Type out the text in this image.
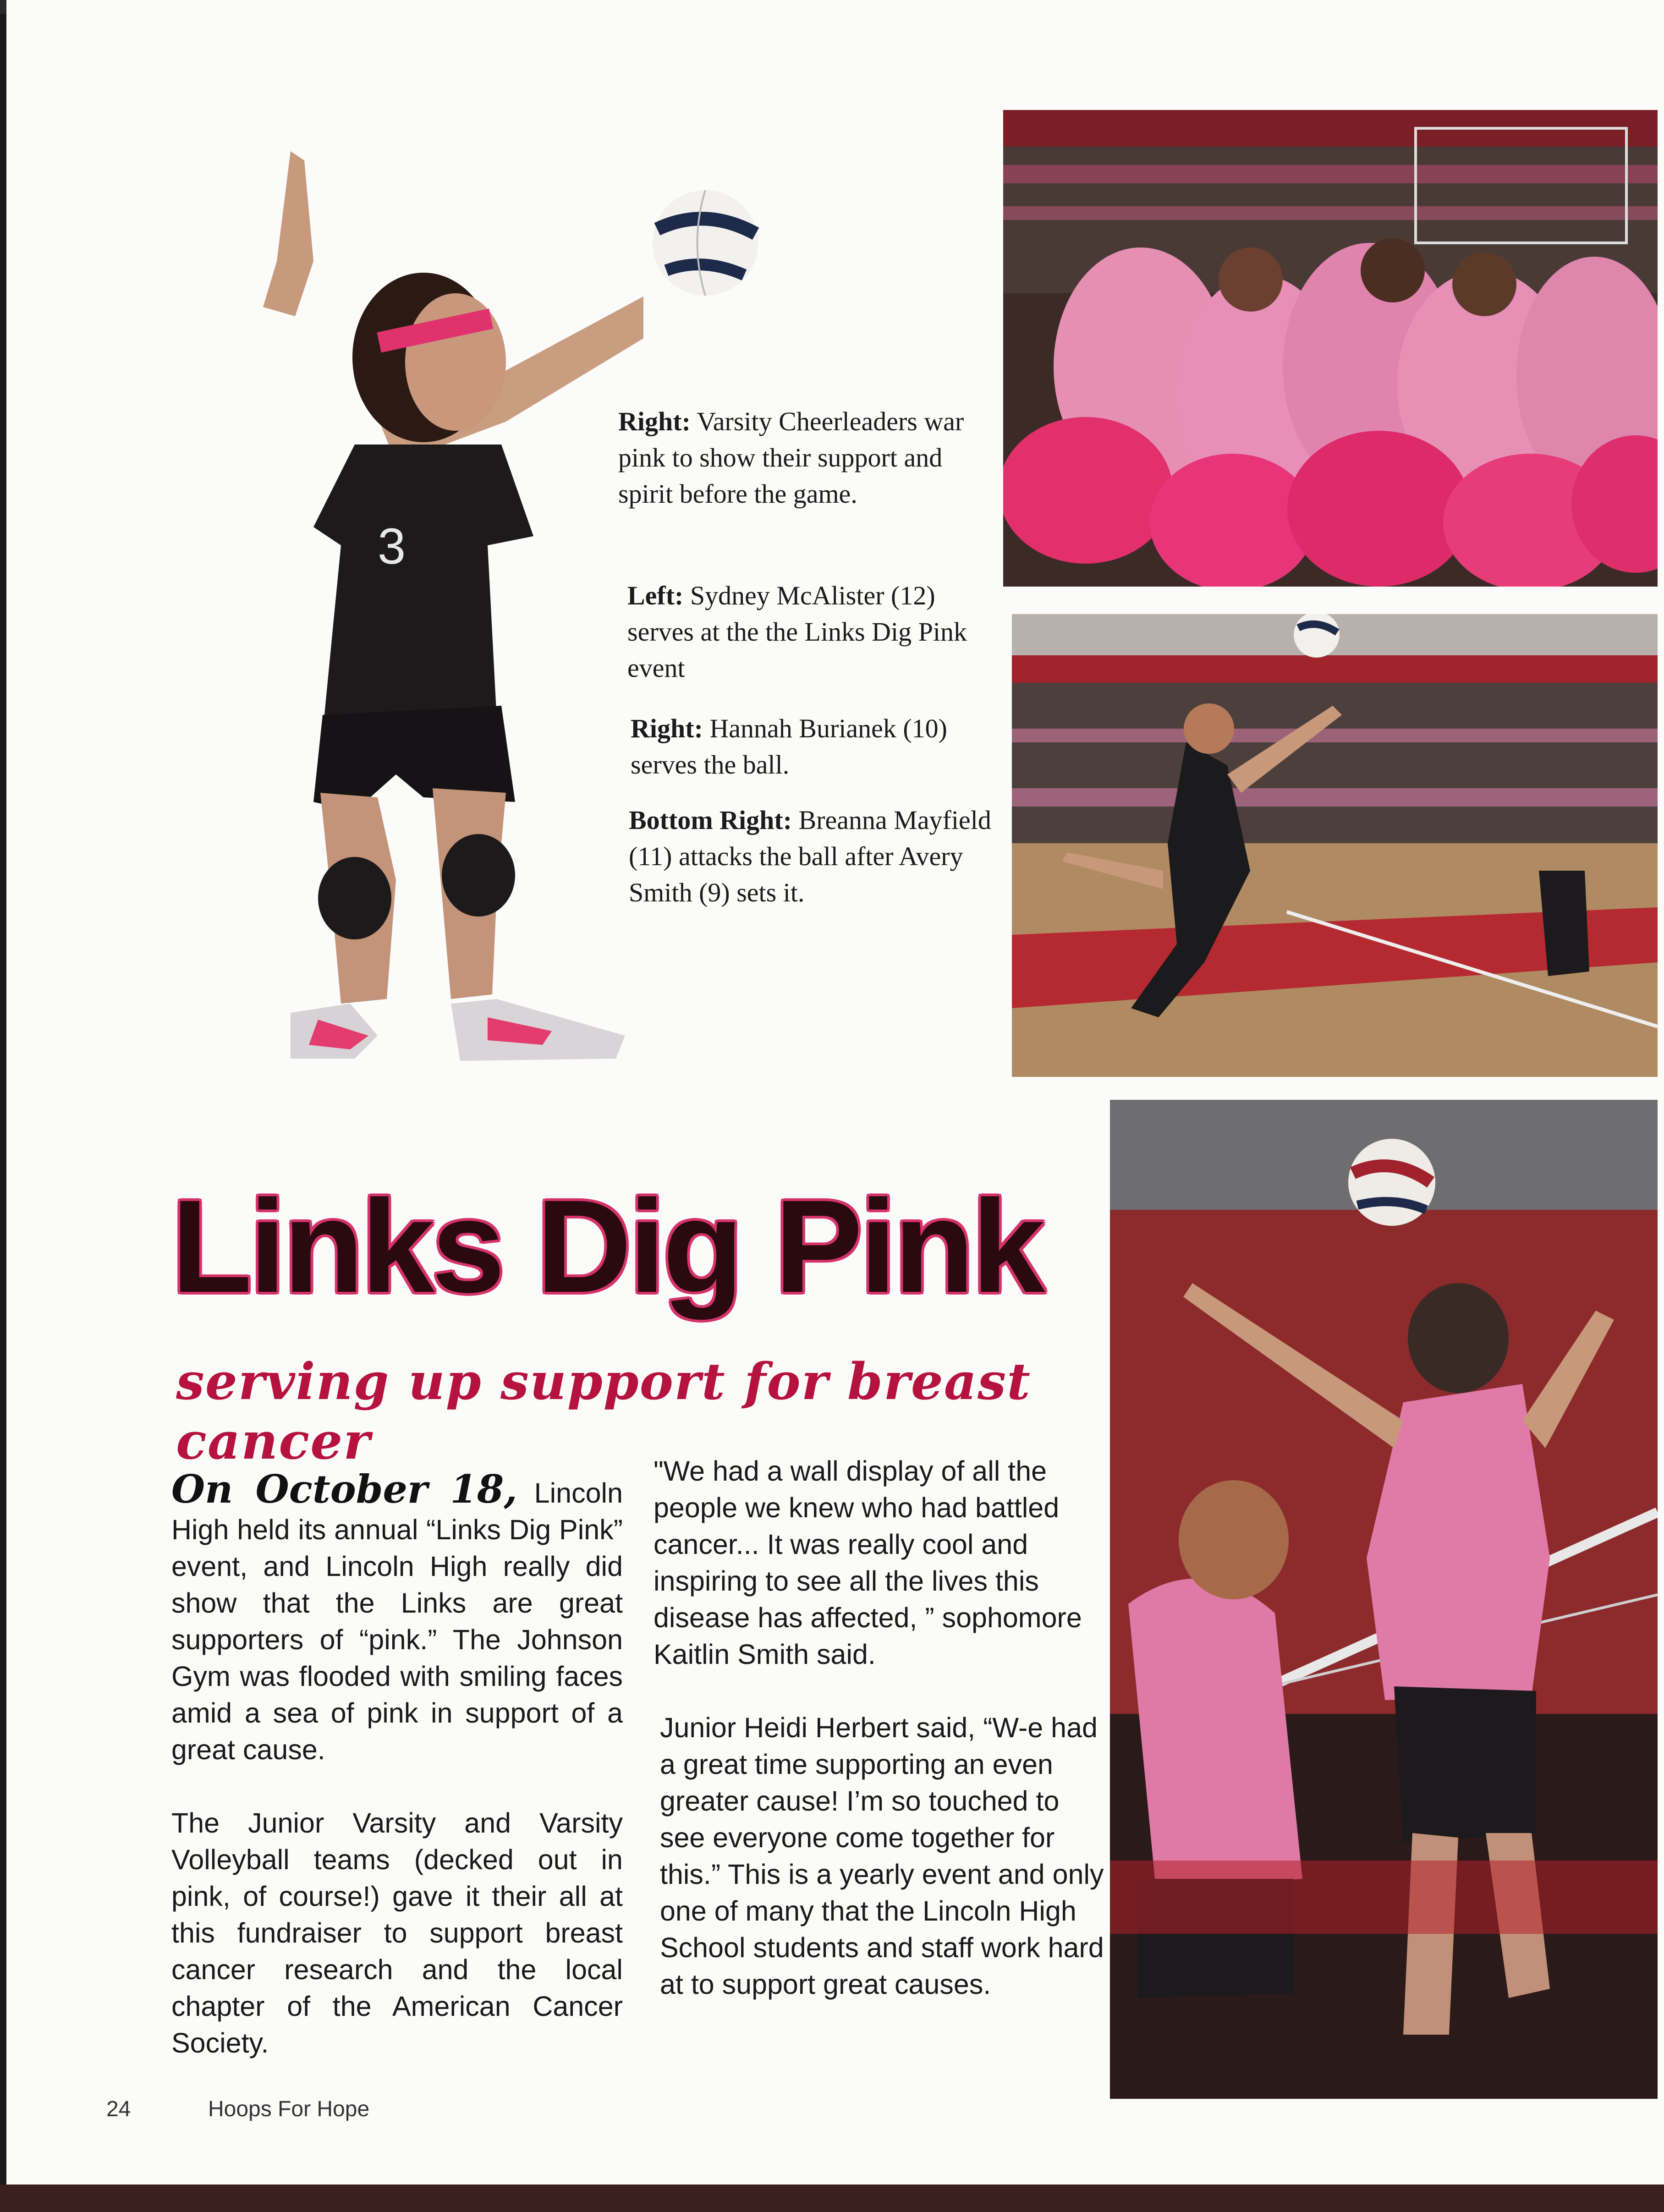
3
Right: Varsity Cheerleaders war pink to show their support and spirit before the game.
Left: Sydney McAlister (12) serves at the the Links Dig Pink event
Right: Hannah Burianek (10) serves the ball.
Bottom Right: Breanna Mayfield (11) attacks the ball after Avery Smith (9) sets it.
Links Dig Pink
serving up support for breast cancer

On October 18, Lincoln High held its annual “Links Dig Pink” event, and Lincoln High really did show that the Links are great supporters of “pink.” The Johnson Gym was flooded with smiling faces amid a sea of pink in support of a great cause.

The Junior Varsity and Varsity Volleyball teams (decked out in pink, of course!) gave it their all at this fundraiser to support breast cancer research and the local chapter of the American Cancer Society.

"We had a wall display of all the people we knew who had battled cancer... It was really cool and inspiring to see all the lives this disease has affected, ” sophomore Kaitlin Smith said.

Junior Heidi Herbert said, “W-e had a great time supporting an even greater cause! I’m so touched to see everyone come together for this.” This is a yearly event and only one of many that the Lincoln High School students and staff work hard at to support great causes.

24	Hoops For Hope
